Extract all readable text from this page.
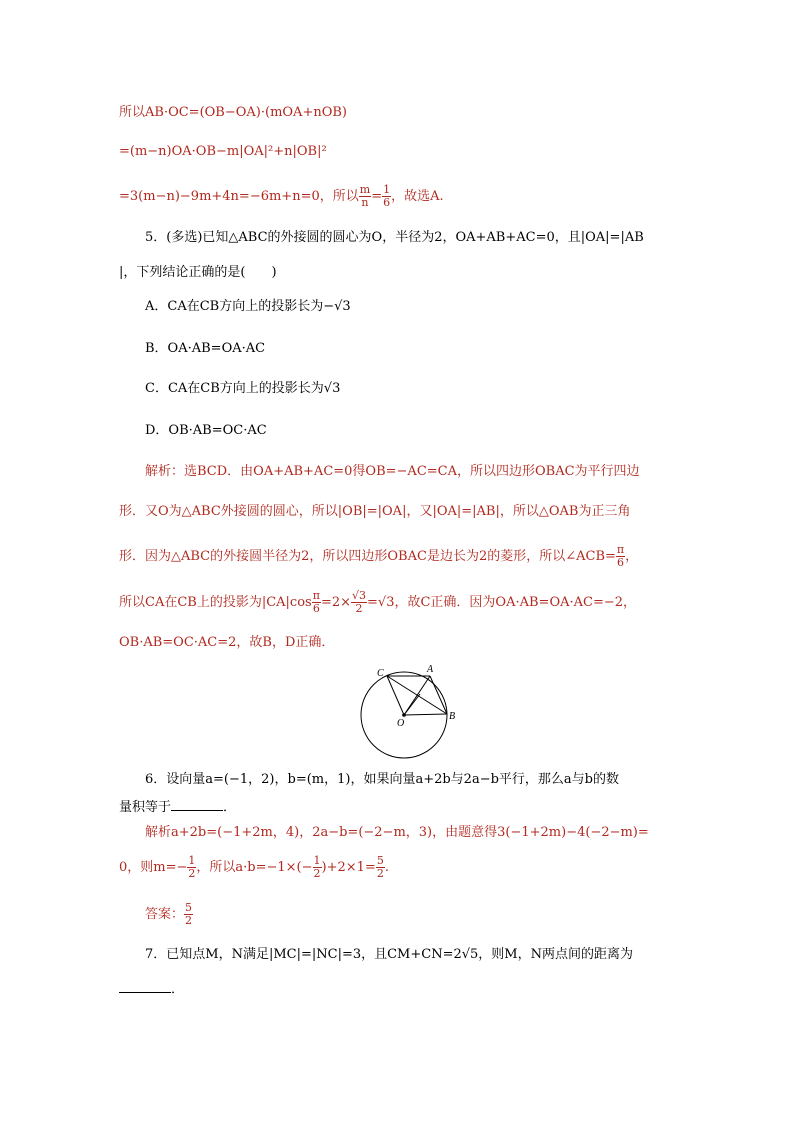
所以AB·OC=(OB−OA)·(mOA+nOB)
=(m−n)OA·OB−m|OA|²+n|OB|²
=3(m−n)−9m+4n=−6m+n=0，所以 $\frac{m}{n} = \frac{1}{6}$ ，故选A.
5．(多选)已知△ABC的外接圆的圆心为O，半径为2，OA+AB+AC=0，且|OA|=|AB
|，下列结论正确的是(　　)
A．CA在CB方向上的投影长为−√3
B．OA·AB=OA·AC
C．CA在CB方向上的投影长为√3
D．OB·AB=OC·AC
解析：选BCD．由OA+AB+AC=0得OB=−AC=CA，所以四边形OBAC为平行四边
形．又O为△ABC外接圆的圆心，所以|OB|=|OA|，又|OA|=|AB|，所以△OAB为正三角
形．因为△ABC的外接圆半径为2，所以四边形OBAC是边长为2的菱形，所以∠ACB= $\frac{\pi}{6}$ ，
所以CA在CB上的投影为$|CA|\cos \frac{\pi}{6} =2\times \frac{√3}{2} =√3$，故C正确．因为OA·AB=OA·AC=−2，
OB·AB=OC·AC=2，故B，D正确．
C	A
O
B
6．设向量a=(−1，2)，b=(m，1)，如果向量a+2b与2a−b平行，那么a与b的数
量积等于	．
解析a+2b=(−1+2m，4)，2a−b=(−2−m，3)，由题意得3(−1+2m)−4(−2−m)=
0，则$m=- \frac{1}{2}$ ，所以$a\cdot b=-1\times(- \frac{1}{2} )+2\times 1= \frac{5}{2}$ .
答案： $\frac{5}{2}$
7．已知点M，N满足|MC|=|NC|=3，且CM+CN=2√5，则M，N两点间的距离为
．
